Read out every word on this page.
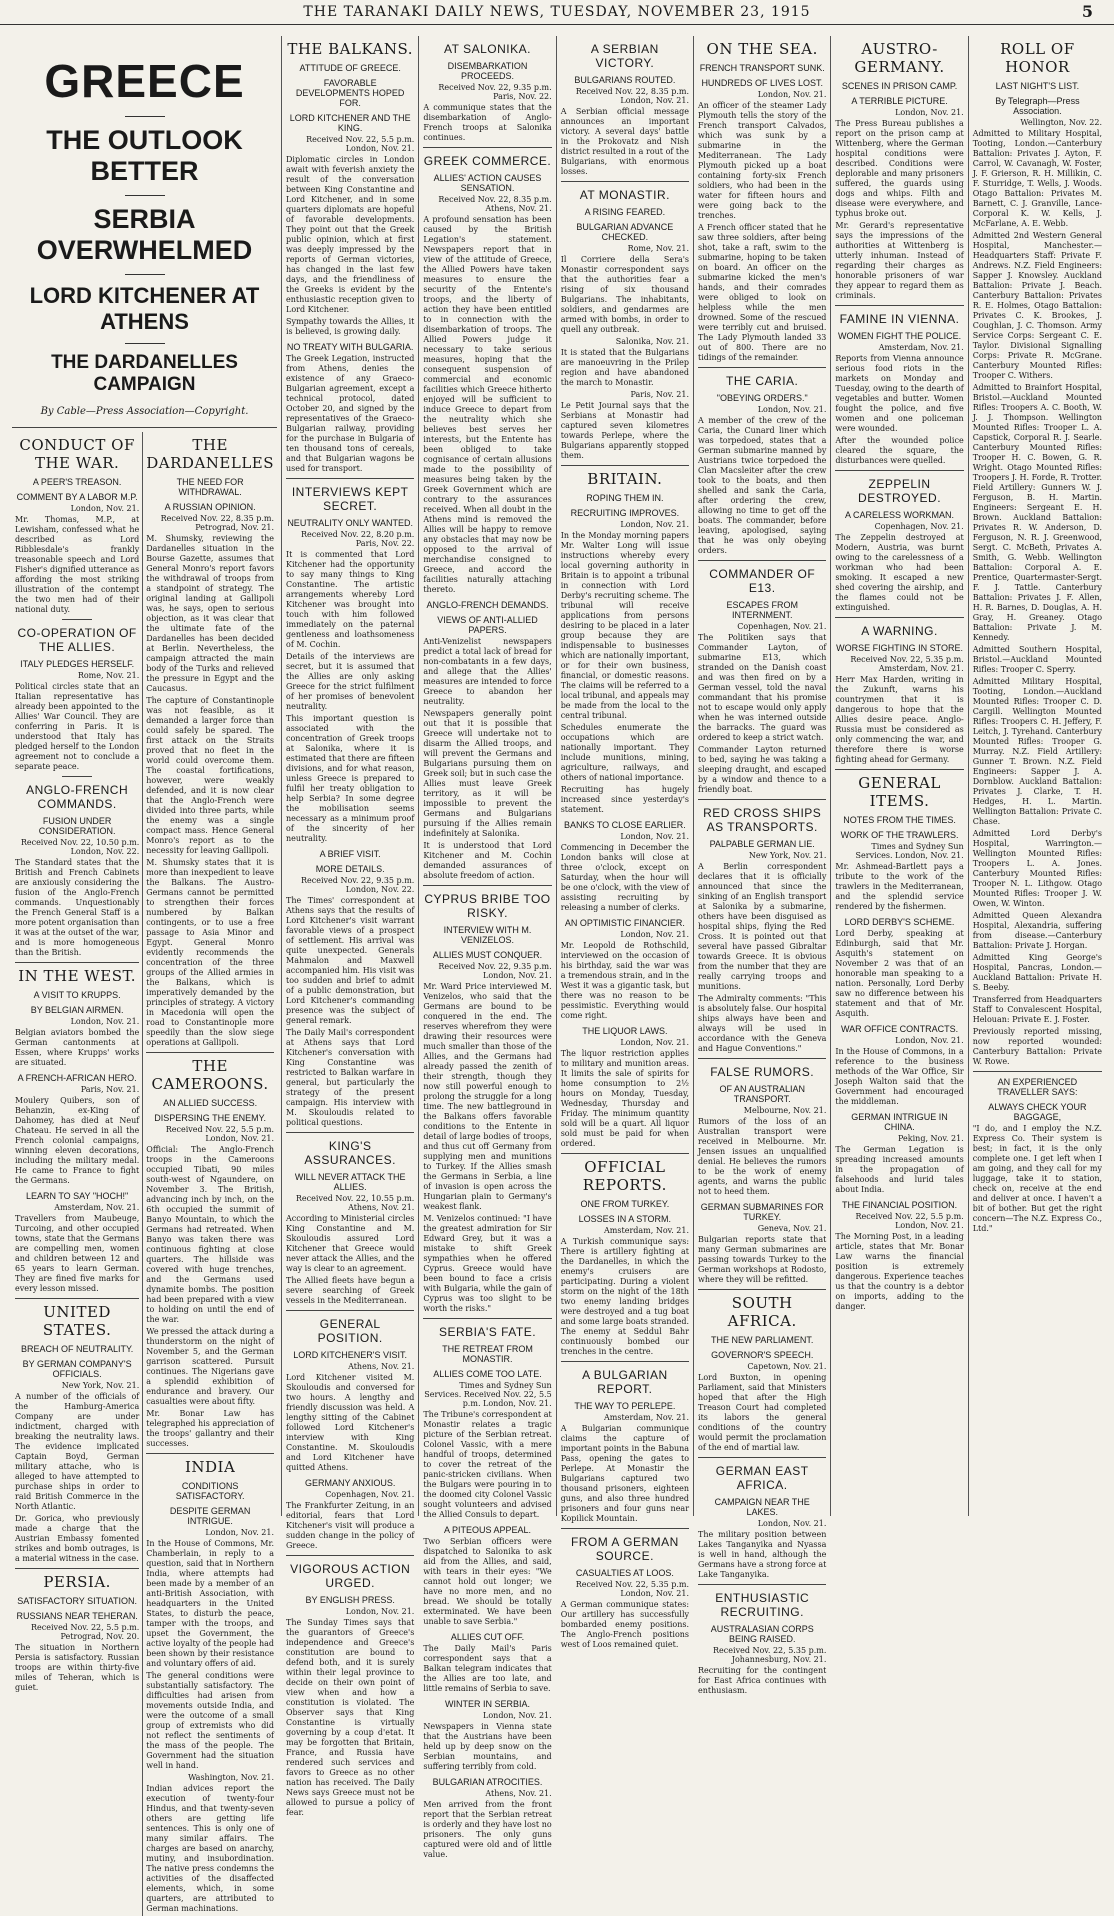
THE TARANAKI DAILY NEWS, TUESDAY, NOVEMBER 23, 1915	5
GREECE
THE OUTLOOK BETTER
SERBIA OVERWHELMED
LORD KITCHENER AT ATHENS
THE DARDANELLES CAMPAIGN
By Cable—Press Association—Copyright.
CONDUCT OF THE WAR.
A PEER'S TREASON.
COMMENT BY A LABOR M.P.
London, Nov. 21.

Mr. Thomas, M.P., at Lewisham, confessed what he described as Lord Ribblesdale's frankly treasonable speech and Lord Fisher's dignified utterance as affording the most striking illustration of the contempt the two men had of their national duty.

CO-OPERATION OF THE ALLIES.
ITALY PLEDGES HERSELF.
Rome, Nov. 21.

Political circles state that an Italian representative has already been appointed to the Allies' War Council. They are conferring in Paris. It is understood that Italy has pledged herself to the London agreement not to conclude a separate peace.

ANGLO-FRENCH COMMANDS.
FUSION UNDER CONSIDERATION.
Received Nov. 22, 10.50 p.m. London, Nov. 22.

The Standard states that the British and French Cabinets are anxiously considering the fusion of the Anglo-French commands. Unquestionably the French General Staff is a more potent organisation than it was at the outset of the war, and is more homogeneous than the British.

IN THE WEST.
A VISIT TO KRUPPS.
BY BELGIAN AIRMEN.
London, Nov. 21.

Belgian aviators bombed the German cantonments at Essen, where Krupps' works are situated.

A FRENCH-AFRICAN HERO.
Paris, Nov. 21.

Moulery Quibers, son of Behanzin, ex-King of Dahomey, has died at Neuf Chateau. He served in all the French colonial campaigns, winning eleven decorations, including the military medal. He came to France to fight the Germans.

LEARN TO SAY "HOCH!"
Amsterdam, Nov. 21.

Travellers from Maubeuge, Turcoing, and other occupied towns, state that the Germans are compelling men, women and children between 12 and 65 years to learn German. They are fined five marks for every lesson missed.

UNITED STATES.
BREACH OF NEUTRALITY.
BY GERMAN COMPANY'S OFFICIALS.
New York, Nov. 21.

A number of the officials of the Hamburg-America Company are under indictment, charged with breaking the neutrality laws. The evidence implicated Captain Boyd, German military attache, who is alleged to have attempted to purchase ships in order to raid British Commerce in the North Atlantic.

Dr. Gorica, who previously made a charge that the Austrian Embassy fomented strikes and bomb outrages, is a material witness in the case.

PERSIA.
SATISFACTORY SITUATION.
RUSSIANS NEAR TEHERAN.
Received Nov. 22, 5.5 p.m. Petrograd, Nov. 20.

The situation in Northern Persia is satisfactory. Russian troops are within thirty-five miles of Teheran, which is guiet.

THE DARDANELLES
THE NEED FOR WITHDRAWAL.
A RUSSIAN OPINION.
Received Nov. 22, 8.35 p.m. Petrograd, Nov. 21.

M. Shumsky, reviewing the Dardanelles situation in the Bourse Gazette, assumes that General Monro's report favors the withdrawal of troops from a standpoint of strategy. The original landing at Gallipoli was, he says, open to serious objection, as it was clear that the ultimate fate of the Dardanelles has been decided at Berlin. Nevertheless, the campaign attracted the main body of the Turks and relieved the pressure in Egypt and the Caucasus.

The capture of Constantinople was not feasible, as it demanded a larger force than could safely be spared. The first attack on the Straits proved that no fleet in the world could overcome them. The coastal fortifications, however, were weakly defended, and it is now clear that the Anglo-French were divided into three parts, while the enemy was a single compact mass. Hence General Monro's report as to the necessity for leaving Gallipoli.

M. Shumsky states that it is more than inexpedient to leave the Balkans. The Austro-Germans cannot be permitted to strengthen their forces numbered by Balkan contingents, or to use a free passage to Asia Minor and Egypt. General Monro evidently recommends the concentration of the three groups of the Allied armies in the Balkans, which is imperatively demanded by the principles of strategy. A victory in Macedonia will open the road to Constantinople more speedily than the slow siege operations at Gallipoli.

THE CAMEROONS.
AN ALLIED SUCCESS.
DISPERSING THE ENEMY.
Received Nov. 22, 5.5 p.m. London, Nov. 21.

Official: The Anglo-French troops in the Cameroons occupied Tibati, 90 miles south-west of Ngaundere, on November 3. The British, advancing inch by inch, on the 6th occupied the summit of Banyo Mountain, to which the Germans had retreated. When Banyo was taken there was continuous fighting at close quarters. The hillside was covered with huge trenches, and the Germans used dynamite bombs. The position had been prepared with a view to holding on until the end of the war.

We pressed the attack during a thunderstorm on the night of November 5, and the German garrison scattered. Pursuit continues. The Nigerians gave a splendid exhibition of endurance and bravery. Our casualties were about fifty.

Mr. Bonar Law has telegraphed his appreciation of the troops' gallantry and their successes.

INDIA
CONDITIONS SATISFACTORY.
DESPITE GERMAN INTRIGUE.
London, Nov. 21.

In the House of Commons, Mr. Chamberlain, in reply to a question, said that in Northern India, where attempts had been made by a member of an anti-British Association, with headquarters in the United States, to disturb the peace, tamper with the troops, and upset the Government, the active loyalty of the people had been shown by their resistance and voluntary offers of aid.

The general conditions were substantially satisfactory. The difficulties had arisen from movements outside India, and were the outcome of a small group of extremists who did not reflect the sentiments of the mass of the people. The Government had the situation well in hand.

Washington, Nov. 21.

Indian advices report the execution of twenty-four Hindus, and that twenty-seven others are getting life sentences. This is only one of many similar affairs. The charges are based on anarchy, mutiny, and insubordination. The native press condemns the activities of the disaffected elements, which, in some quarters, are attributed to German machinations.

THE BALKANS.
ATTITUDE OF GREECE.
FAVORABLE DEVELOPMENTS HOPED FOR.
LORD KITCHENER AND THE KING.
Received Nov. 22, 5.5 p.m. London, Nov. 21.

Diplomatic circles in London await with feverish anxiety the result of the conversation between King Constantine and Lord Kitchener, and in some quarters diplomats are hopeful of favorable developments. They point out that the Greek public opinion, which at first was deeply impressed by the reports of German victories, has changed in the last few days, and the friendliness of the Greeks is evident by the enthusiastic reception given to Lord Kitchener.

Sympathy towards the Allies, it is believed, is growing daily.

NO TREATY WITH BULGARIA.

The Greek Legation, instructed from Athens, denies the existence of any Graeco-Bulgarian agreement, except a technical protocol, dated October 20, and signed by the representatives of the Graeco-Bulgarian railway, providing for the purchase in Bulgaria of ten thousand tons of cereals, and that Bulgarian wagons be used for transport.

INTERVIEWS KEPT SECRET.
NEUTRALITY ONLY WANTED.
Received Nov. 22, 8.20 p.m. Paris, Nov. 22.

It is commented that Lord Kitchener had the opportunity to say many things to King Constantine. The artistic arrangements whereby Lord Kitchener was brought into touch with him followed immediately on the paternal gentleness and loathsomeness of M. Cochin.

Details of the interviews are secret, but it is assumed that the Allies are only asking Greece for the strict fulfilment of her promises of benevolent neutrality.

This important question is associated with the concentration of Greek troops at Salonika, where it is estimated that there are fifteen divisions, and for what reason, unless Greece is prepared to fulfil her treaty obligation to help Serbia? In some degree the mobilisation seems necessary as a minimum proof of the sincerity of her neutrality.

A BRIEF VISIT.
MORE DETAILS.
Received Nov. 22, 9.35 p.m. London, Nov. 22.

The Times' correspondent at Athens says that the results of Lord Kitchener's visit warrant favorable views of a prospect of settlement. His arrival was quite unexpected. Generals Mahmalon and Maxwell accompanied him. His visit was too sudden and brief to admit of a public demonstration, but Lord Kitchener's commanding presence was the subject of general remark.

The Daily Mail's correspondent at Athens says that Lord Kitchener's conversation with King Constantine was restricted to Balkan warfare in general, but particularly the strategy of the present campaign. His interview with M. Skouloudis related to political questions.

KING'S ASSURANCES.
WILL NEVER ATTACK THE ALLIES.
Received Nov. 22, 10.55 p.m. Athens, Nov. 21.

According to Ministerial circles King Constantine and M. Skouloudis assured Lord Kitchener that Greece would never attack the Allies, and the way is clear to an agreement.

The Allied fleets have begun a severe searching of Greek vessels in the Mediterranean.

GENERAL POSITION.
LORD KITCHENER'S VISIT.
Athens, Nov. 21.

Lord Kitchener visited M. Skouloudis and conversed for two hours. A lengthy and friendly discussion was held. A lengthy sitting of the Cabinet followed Lord Kitchener's interview with King Constantine. M. Skouloudis and Lord Kitchener have quitted Athens.

GERMANY ANXIOUS.
Copenhagen, Nov. 21.

The Frankfurter Zeitung, in an editorial, fears that Lord Kitchener's visit will produce a sudden change in the policy of Greece.

VIGOROUS ACTION URGED.
BY ENGLISH PRESS.
London, Nov. 21.

The Sunday Times says that the guarantors of Greece's independence and Greece's constitution are bound to defend both, and it is surely within their legal province to decide on their own point of view when and how a constitution is violated. The Observer says that King Constantine is virtually governing by a coup d'etat. It may be forgotten that Britain, France, and Russia have rendered such services and favors to Greece as no other nation has received. The Daily News says Greece must not be allowed to pursue a policy of fear.

AT SALONIKA.
DISEMBARKATION PROCEEDS.
Received Nov. 22, 9.35 p.m. Paris, Nov. 22.

A communique states that the disembarkation of Anglo-French troops at Salonika continues.

GREEK COMMERCE.
ALLIES' ACTION CAUSES SENSATION.
Received Nov. 22, 8.35 p.m. Athens, Nov. 21.

A profound sensation has been caused by the British Legation's statement. Newspapers report that in view of the attitude of Greece, the Allied Powers have taken measures to ensure the security of the Entente's troops, and the liberty of action they have been entitled to in connection with the disembarkation of troops. The Allied Powers judge it necessary to take serious measures, hoping that the consequent suspension of commercial and economic facilities which Greece hitherto enjoyed will be sufficient to induce Greece to depart from the neutrality which she believes best serves her interests, but the Entente has been obliged to take cognisance of certain allusions made to the possibility of measures being taken by the Greek Government which are contrary to the assurances received. When all doubt in the Athens mind is removed the Allies will be happy to remove any obstacles that may now be opposed to the arrival of merchandise consigned to Greece, and accord the facilities naturally attaching thereto.

ANGLO-FRENCH DEMANDS.
VIEWS OF ANTI-ALLIED PAPERS.

Anti-Venizelist newspapers predict a total lack of bread for non-combatants in a few days, and allege that the Allies' measures are intended to force Greece to abandon her neutrality.

Newspapers generally point out that it is possible that Greece will undertake not to disarm the Allied troops, and will prevent the Germans and Bulgarians pursuing them on Greek soil; but in such case the Allies must leave Greek territory, as it will be impossible to prevent the Germans and Bulgarians pursuing if the Allies remain indefinitely at Salonika.

It is understood that Lord Kitchener and M. Cochin demanded assurances of absolute freedom of action.

CYPRUS BRIBE TOO RISKY.
INTERVIEW WITH M. VENIZELOS.
ALLIES MUST CONQUER.
Received Nov. 22, 9.35 p.m. London, Nov. 21.

Mr. Ward Price interviewed M. Venizelos, who said that the Germans are bound to be conquered in the end. The reserves wherefrom they were drawing their resources were much smaller than those of the Allies, and the Germans had already passed the zenith of their strength, though they now still powerful enough to prolong the struggle for a long time. The new battleground in the Balkans offers favorable conditions to the Entente in detail of large bodies of troops, and thus cut off Germany from supplying men and munitions to Turkey. If the Allies smash the Germans in Serbia, a line of invasion is open across the Hungarian plain to Germany's weakest flank.

M. Venizelos continued: "I have the greatest admiration for Sir Edward Grey, but it was a mistake to shift Greek sympathies when he offered Cyprus. Greece would have been bound to face a crisis with Bulgaria, while the gain of Cyprus was too slight to be worth the risks."

SERBIA'S FATE.
THE RETREAT FROM MONASTIR.
ALLIES COME TOO LATE.
Times and Sydney Sun Services. Received Nov. 22, 5.5 p.m. London, Nov. 21.

The Tribune's correspondent at Monastir relates a tragic picture of the Serbian retreat. Colonel Vassic, with a mere handful of troops, determined to cover the retreat of the panic-stricken civilians. When the Bulgars were pouring in to the doomed city Colonel Vassic sought volunteers and advised the Allied Consuls to depart.

A PITEOUS APPEAL.

Two Serbian officers were dispatched to Salonika to ask aid from the Allies, and said, with tears in their eyes: "We cannot hold out longer; we have no more men, and no bread. We should be totally exterminated. We have been unable to save Serbia."

ALLIES CUT OFF.

The Daily Mail's Paris correspondent says that a Balkan telegram indicates that the Allies are too late, and little remains of Serbia to save.

WINTER IN SERBIA.
London, Nov. 21.

Newspapers in Vienna state that the Austrians have been held up by deep snow on the Serbian mountains, and suffering terribly from cold.

BULGARIAN ATROCITIES.
Athens, Nov. 21.

Men arrived from the front report that the Serbian retreat is orderly and they have lost no prisoners. The only guns captured were old and of little value.

A SERBIAN VICTORY.
BULGARIANS ROUTED.
Received Nov. 22, 8.35 p.m. London, Nov. 21.

A Serbian official message announces an important victory. A several days' battle in the Prokovatz and Nish district resulted in a rout of the Bulgarians, with enormous losses.

AT MONASTIR.
A RISING FEARED.
BULGARIAN ADVANCE CHECKED.
Rome, Nov. 21.

Il Corriere della Sera's Monastir correspondent says that the authorities fear a rising of six thousand Bulgarians. The inhabitants, soldiers, and gendarmes are armed with bombs, in order to quell any outbreak.

Salonika, Nov. 21.

It is stated that the Bulgarians are manoeuvring in the Prilep region and have abandoned the march to Monastir.

Paris, Nov. 21.

Le Petit Journal says that the Serbians at Monastir had captured seven kilometres towards Perlepe, where the Bulgarians apparently stopped them.

BRITAIN.
ROPING THEM IN.
RECRUITING IMPROVES.
London, Nov. 21.

In the Monday morning papers Mr. Walter Long will issue instructions whereby every local governing authority in Britain is to appoint a tribunal in connection with Lord Derby's recruiting scheme. The tribunal will receive applications from persons desiring to be placed in a later group because they are indispensable to businesses which are nationally important, or for their own business, financial, or domestic reasons. The claims will be referred to a local tribunal, and appeals may be made from the local to the central tribunal.

Schedules enumerate the occupations which are nationally important. They include munitions, mining, agriculture, railways, and others of national importance.

Recruiting has hugely increased since yesterday's statement.

BANKS TO CLOSE EARLIER.
London, Nov. 21.

Commencing in December the London banks will close at three o'clock, except on Saturday, when the hour will be one o'clock, with the view of assisting recruiting by releasing a number of clerks.

AN OPTIMISTIC FINANCIER.
London, Nov. 21.

Mr. Leopold de Rothschild, interviewed on the occasion of his birthday, said the war was a tremendous strain, and in the West it was a gigantic task, but there was no reason to be pessimistic. Everything would come right.

THE LIQUOR LAWS.
London, Nov. 21.

The liquor restriction applies to military and munition areas. It limits the sale of spirits for home consumption to 2½ hours on Monday, Tuesday, Wednesday, Thursday and Friday. The minimum quantity sold will be a quart. All liquor sold must be paid for when ordered.

OFFICIAL REPORTS.
ONE FROM TURKEY.
LOSSES IN A STORM.
Amsterdam, Nov. 21.

A Turkish communique says: There is artillery fighting at the Dardanelles, in which the enemy's cruisers are participating. During a violent storm on the night of the 18th two enemy landing bridges were destroyed and a tug boat and some large boats stranded. The enemy at Seddul Bahr continuously bombed our trenches in the centre.

A BULGARIAN REPORT.
THE WAY TO PERLEPE.
Amsterdam, Nov. 21.

A Bulgarian communique claims the capture of important points in the Babuna Pass, opening the gates to Perlepe. At Monastir the Bulgarians captured two thousand prisoners, eighteen guns, and also three hundred prisoners and four guns near Kopilick Mountain.

FROM A GERMAN SOURCE.
CASUALTIES AT LOOS.
Received Nov. 22, 5.35 p.m. London, Nov. 21.

A German communique states: Our artillery has successfully bombarded enemy positions. The Anglo-French positions west of Loos remained quiet.

ON THE SEA.
FRENCH TRANSPORT SUNK.
HUNDREDS OF LIVES LOST.
London, Nov. 21.

An officer of the steamer Lady Plymouth tells the story of the French transport Calvados, which was sunk by a submarine in the Mediterranean. The Lady Plymouth picked up a boat containing forty-six French soldiers, who had been in the water for fifteen hours and were going back to the trenches.

A French officer stated that he saw three soldiers, after being shot, take a raft, swim to the submarine, hoping to be taken on board. An officer on the submarine kicked the men's hands, and their comrades were obliged to look on helpless while the men drowned. Some of the rescued were terribly cut and bruised. The Lady Plymouth landed 33 out of 800. There are no tidings of the remainder.

THE CARIA.
"OBEYING ORDERS."
London, Nov. 21.

A member of the crew of the Caria, the Cunard liner which was torpedoed, states that a German submarine manned by Austrians twice torpedoed the Clan Macsleiter after the crew took to the boats, and then shelled and sank the Caria, after ordering the crew, allowing no time to get off the boats. The commander, before leaving, apologised, saying that he was only obeying orders.

COMMANDER OF E13.
ESCAPES FROM INTERNMENT.
Copenhagen, Nov. 21.

The Politiken says that Commander Layton, of submarine E13, which stranded on the Danish coast and was then fired on by a German vessel, told the naval commandant that his promise not to escape would only apply when he was interned outside the barracks. The guard was ordered to keep a strict watch.

Commander Layton returned to bed, saying he was taking a sleeping draught, and escaped by a window and thence to a friendly boat.

RED CROSS SHIPS AS TRANSPORTS.
PALPABLE GERMAN LIE.
New York, Nov. 21.

A Berlin correspondent declares that it is officially announced that since the sinking of an English transport at Salonika by a submarine, others have been disguised as hospital ships, flying the Red Cross. It is pointed out that several have passed Gibraltar towards Greece. It is obvious from the number that they are really carrying troops and munitions.

The Admiralty comments: "This is absolutely false. Our hospital ships always have been and always will be used in accordance with the Geneva and Hague Conventions."

FALSE RUMORS.
OF AN AUSTRALIAN TRANSPORT.
Melbourne, Nov. 21.

Rumors of the loss of an Australian transport were received in Melbourne. Mr. Jensen issues an unqualified denial. He believes the rumors to be the work of enemy agents, and warns the public not to heed them.

GERMAN SUBMARINES FOR TURKEY.
Geneva, Nov. 21.

Bulgarian reports state that many German submarines are passing towards Turkey to the German workshops at Rodosto, where they will be refitted.

SOUTH AFRICA.
THE NEW PARLIAMENT.
GOVERNOR'S SPEECH.
Capetown, Nov. 21.

Lord Buxton, in opening Parliament, said that Ministers hoped that after the High Treason Court had completed its labors the general conditions of the country would permit the proclamation of the end of martial law.

GERMAN EAST AFRICA.
CAMPAIGN NEAR THE LAKES.
London, Nov. 21.

The military position between Lakes Tanganyika and Nyassa is well in hand, although the Germans have a strong force at Lake Tanganyika.

ENTHUSIASTIC RECRUITING.
AUSTRALASIAN CORPS BEING RAISED.
Received Nov. 22, 5.35 p.m. Johannesburg, Nov. 21.

Recruiting for the contingent for East Africa continues with enthusiasm.

AUSTRO-GERMANY.
SCENES IN PRISON CAMP.
A TERRIBLE PICTURE.
London, Nov. 21.

The Press Bureau publishes a report on the prison camp at Wittenberg, where the German hospital conditions were described. Conditions were deplorable and many prisoners suffered, the guards using dogs and whips. Filth and disease were everywhere, and typhus broke out.

Mr. Gerard's representative says the impressions of the authorities at Wittenberg is utterly inhuman. Instead of regarding their charges as honorable prisoners of war they appear to regard them as criminals.

FAMINE IN VIENNA.
WOMEN FIGHT THE POLICE.
Amsterdam, Nov. 21.

Reports from Vienna announce serious food riots in the markets on Monday and Tuesday, owing to the dearth of vegetables and butter. Women fought the police, and five women and one policeman were wounded.

After the wounded police cleared the square, the disturbances were quelled.

ZEPPELIN DESTROYED.
A CARELESS WORKMAN.
Copenhagen, Nov. 21.

The Zeppelin destroyed at Modern, Austria, was burnt owing to the carelessness of a workman who had been smoking. It escaped a new shed covering the airship, and the flames could not be extinguished.

A WARNING.
WORSE FIGHTING IN STORE.
Received Nov. 22, 5.35 p.m. Amsterdam, Nov. 21.

Herr Max Harden, writing in the Zukunft, warns his countrymen that it is dangerous to hope that the Allies desire peace. Anglo-Russia must be considered as only commencing the war, and therefore there is worse fighting ahead for Germany.

GENERAL ITEMS.
NOTES FROM THE TIMES.
WORK OF THE TRAWLERS.
Times and Sydney Sun Services. London, Nov. 21.

Mr. Ashmead-Bartlett pays a tribute to the work of the trawlers in the Mediterranean, and the splendid service rendered by the fishermen.

LORD DERBY'S SCHEME.

Lord Derby, speaking at Edinburgh, said that Mr. Asquith's statement on November 2 was that of an honorable man speaking to a nation. Personally, Lord Derby saw no difference between his statement and that of Mr. Asquith.

WAR OFFICE CONTRACTS.
London, Nov. 21.

In the House of Commons, in a reference to the business methods of the War Office, Sir Joseph Walton said that the Government had encouraged the middleman.

GERMAN INTRIGUE IN CHINA.
Peking, Nov. 21.

The German Legation is spreading increased amounts in the propagation of falsehoods and lurid tales about India.

THE FINANCIAL POSITION.
Received Nov. 22, 5.5 p.m. London, Nov. 21.

The Morning Post, in a leading article, states that Mr. Bonar Law warns the financial position is extremely dangerous. Experience teaches us that the country is a debtor on imports, adding to the danger.

ROLL OF HONOR
LAST NIGHT'S LIST.
By Telegraph—Press Association.
Wellington, Nov. 22.

Admitted to Military Hospital, Tooting, London.—Canterbury Battalion: Privates J. Ayton, F. Carrol, W. Cavanagh, W. Foster, J. F. Grierson, R. H. Millikin, C. F. Sturridge, T. Wells, J. Woods. Otago Battalion: Privates M. Barnett, C. J. Granville, Lance-Corporal K. W. Kells, J. McFarlane, A. E. Webb.

Admitted 2nd Western General Hospital, Manchester.—Headquarters Staff: Private F. Andrews. N.Z. Field Engineers: Sapper J. Knowsley. Auckland Battalion: Private J. Beach. Canterbury Battalion: Privates R. E. Holmes, Otago Battalion: Privates C. K. Brookes, J. Coughlan, J. C. Thomson. Army Service Corps: Sergeant C. E. Taylor. Divisional Signalling Corps: Private R. McGrane. Canterbury Mounted Rifles: Trooper C. Withers.

Admitted to Brainfort Hospital, Bristol.—Auckland Mounted Rifles: Troopers A. C. Booth, W. J. J. Thompson. Wellington Mounted Rifles: Trooper L. A. Capstick, Corporal R. J. Searle. Canterbury Mounted Rifles: Trooper H. C. Bowen, G. R. Wright. Otago Mounted Rifles: Troopers J. H. Forde, R. Trotter. Field Artillery: Gunners W. J. Ferguson, B. H. Martin. Engineers: Sergeant E. H. Brown. Auckland Battalion: Privates R. W. Anderson, D. Ferguson, N. R. J. Greenwood, Sergt. C. McBeth, Privates A. Smith, G. Webb. Wellington Battalion: Corporal A. E. Prentice, Quartermaster-Sergt. F. J. Tattle. Canterbury Battalion: Privates J. F. Allen, H. R. Barnes, D. Douglas, A. H. Gray, H. Greaney. Otago Battalion: Private J. M. Kennedy.

Admitted Southern Hospital, Bristol.—Auckland Mounted Rifles: Trooper C. Sperry.

Admitted Military Hospital, Tooting, London.—Auckland Mounted Rifles: Trooper C. D. Cargill. Wellington Mounted Rifles: Troopers C. H. Jeffery, F. Leitch, J. Tyrehand. Canterbury Mounted Rifles: Trooper G. Murray. N.Z. Field Artillery: Gunner T. Brown. N.Z. Field Engineers: Sapper J. A. Dornblow. Auckland Battalion: Privates J. Clarke, T. H. Hedges, H. L. Martin. Wellington Battalion: Private C. Chase.

Admitted Lord Derby's Hospital, Warrington.—Wellington Mounted Rifles: Troopers L. A. Jones. Canterbury Mounted Rifles: Trooper N. L. Lithgow. Otago Mounted Rifles: Trooper J. W. Owen, W. Winton.

Admitted Queen Alexandra Hospital, Alexandria, suffering from disease.—Canterbury Battalion: Private J. Horgan.

Admitted King George's Hospital, Pancras, London.—Auckland Battalion: Private H. S. Beeby.

Transferred from Headquarters Staff to Convalescent Hospital, Helouan: Private E. J. Foster.

Previously reported missing, now reported wounded: Canterbury Battalion: Private W. Rowe.

AN EXPERIENCED TRAVELLER SAYS:
ALWAYS CHECK YOUR BAGGAGE,

"I do, and I employ the N.Z. Express Co. Their system is best; in fact, it is the only complete one. I get left when I am going, and they call for my luggage, take it to station, check on, receive at the end and deliver at once. I haven't a bit of bother. But get the right concern—The N.Z. Express Co., Ltd."
